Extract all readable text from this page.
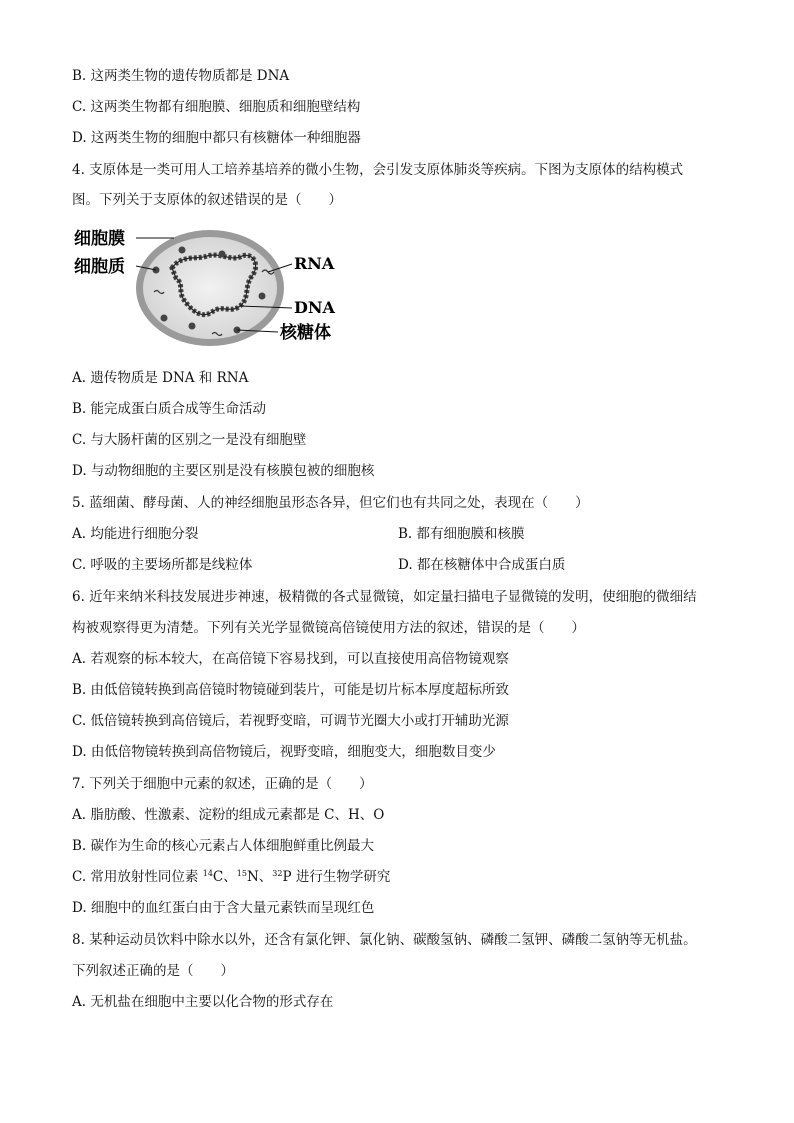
B. 这两类生物的遗传物质都是 DNA
C. 这两类生物都有细胞膜、细胞质和细胞壁结构
D. 这两类生物的细胞中都只有核糖体一种细胞器
4. 支原体是一类可用人工培养基培养的微小生物，会引发支原体肺炎等疾病。下图为支原体的结构模式
图。下列关于支原体的叙述错误的是（　　）
细胞膜
细胞质	RNA
DNA
核糖体
A. 遗传物质是 DNA 和 RNA
B. 能完成蛋白质合成等生命活动
C. 与大肠杆菌的区别之一是没有细胞壁
D. 与动物细胞的主要区别是没有核膜包被的细胞核
5. 蓝细菌、酵母菌、人的神经细胞虽形态各异，但它们也有共同之处，表现在（　　）
A. 均能进行细胞分裂	B. 都有细胞膜和核膜
C. 呼吸的主要场所都是线粒体	D. 都在核糖体中合成蛋白质
6. 近年来纳米科技发展进步神速，极精微的各式显微镜，如定量扫描电子显微镜的发明，使细胞的微细结
构被观察得更为清楚。下列有关光学显微镜高倍镜使用方法的叙述，错误的是（　　）
A. 若观察的标本较大，在高倍镜下容易找到，可以直接使用高倍物镜观察
B. 由低倍镜转换到高倍镜时物镜碰到装片，可能是切片标本厚度超标所致
C. 低倍镜转换到高倍镜后，若视野变暗，可调节光圈大小或打开辅助光源
D. 由低倍物镜转换到高倍物镜后，视野变暗，细胞变大，细胞数目变少
7. 下列关于细胞中元素的叙述，正确的是（　　）
A. 脂肪酸、性激素、淀粉的组成元素都是 C、H、O
B. 碳作为生命的核心元素占人体细胞鲜重比例最大
C. 常用放射性同位素 $^{14}$C、$^{15}$N、$^{32}$P 进行生物学研究
D. 细胞中的血红蛋白由于含大量元素铁而呈现红色
8. 某种运动员饮料中除水以外，还含有氯化钾、氯化钠、碳酸氢钠、磷酸二氢钾、磷酸二氢钠等无机盐。
下列叙述正确的是（　　）
A. 无机盐在细胞中主要以化合物的形式存在
